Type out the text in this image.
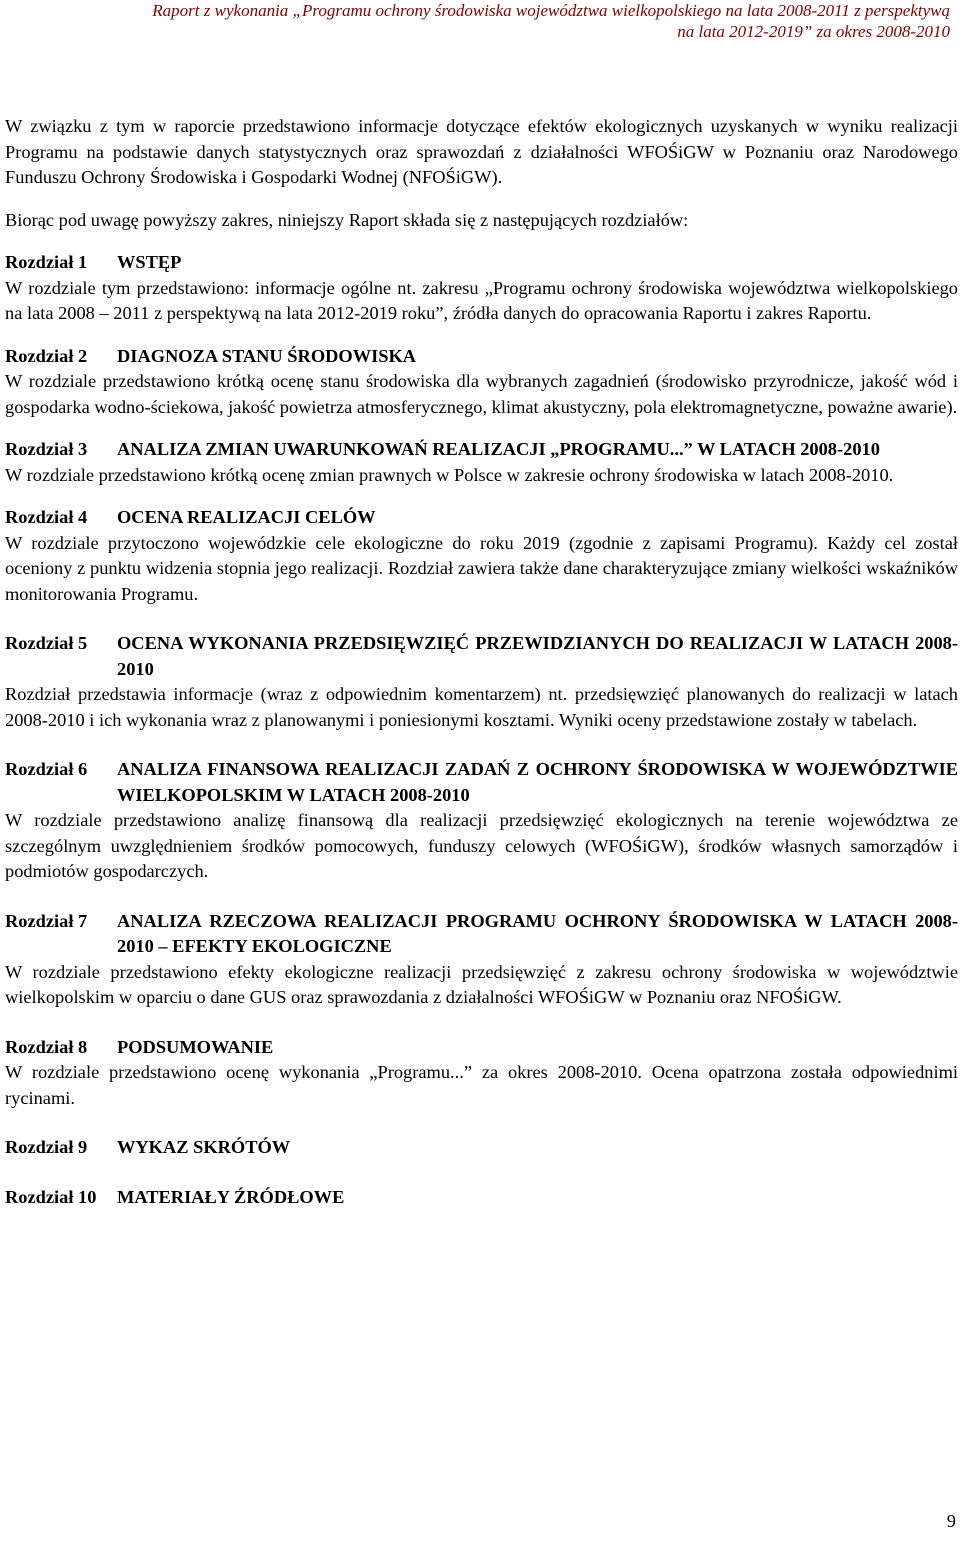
Raport z wykonania „Programu ochrony środowiska województwa wielkopolskiego na lata 2008-2011 z perspektywą
na lata 2012-2019” za okres 2008-2010

W związku z tym w raporcie przedstawiono informacje dotyczące efektów ekologicznych uzyskanych w wyniku realizacji Programu na podstawie danych statystycznych oraz sprawozdań z działalności WFOŚiGW w Poznaniu oraz Narodowego Funduszu Ochrony Środowiska i Gospodarki Wodnej (NFOŚiGW).

Biorąc pod uwagę powyższy zakres, niniejszy Raport składa się z następujących rozdziałów:

Rozdział 1	WSTĘP

W rozdziale tym przedstawiono: informacje ogólne nt. zakresu „Programu ochrony środowiska województwa wielkopolskiego na lata 2008 – 2011 z perspektywą na lata 2012-2019 roku”, źródła danych do opracowania Raportu i zakres Raportu.

Rozdział 2	DIAGNOZA STANU ŚRODOWISKA

W rozdziale przedstawiono krótką ocenę stanu środowiska dla wybranych zagadnień (środowisko przyrodnicze, jakość wód i gospodarka wodno-ściekowa, jakość powietrza atmosferycznego, klimat akustyczny, pola elektromagnetyczne, poważne awarie).

Rozdział 3	ANALIZA ZMIAN UWARUNKOWAŃ REALIZACJI „PROGRAMU...” W LATACH 2008-2010

W rozdziale przedstawiono krótką ocenę zmian prawnych w Polsce w zakresie ochrony środowiska w latach 2008-2010.

Rozdział 4	OCENA REALIZACJI CELÓW

W rozdziale przytoczono wojewódzkie cele ekologiczne do roku 2019 (zgodnie z zapisami Programu). Każdy cel został oceniony z punktu widzenia stopnia jego realizacji. Rozdział zawiera także dane charakteryzujące zmiany wielkości wskaźników monitorowania Programu.

Rozdział 5	OCENA WYKONANIA PRZEDSIĘWZIĘĆ PRZEWIDZIANYCH DO REALIZACJI W LATACH 2008-2010

Rozdział przedstawia informacje (wraz z odpowiednim komentarzem) nt. przedsięwzięć planowanych do realizacji w latach 2008-2010 i ich wykonania wraz z planowanymi i poniesionymi kosztami. Wyniki oceny przedstawione zostały w tabelach.

Rozdział 6	ANALIZA FINANSOWA REALIZACJI ZADAŃ Z OCHRONY ŚRODOWISKA W WOJEWÓDZTWIE WIELKOPOLSKIM W LATACH 2008-2010

W rozdziale przedstawiono analizę finansową dla realizacji przedsięwzięć ekologicznych na terenie województwa ze szczególnym uwzględnieniem środków pomocowych, funduszy celowych (WFOŚiGW), środków własnych samorządów i podmiotów gospodarczych.

Rozdział 7	ANALIZA RZECZOWA REALIZACJI PROGRAMU OCHRONY ŚRODOWISKA W LATACH 2008-2010 – EFEKTY EKOLOGICZNE

W rozdziale przedstawiono efekty ekologiczne realizacji przedsięwzięć z zakresu ochrony środowiska w województwie wielkopolskim w oparciu o dane GUS oraz sprawozdania z działalności WFOŚiGW w Poznaniu oraz NFOŚiGW.

Rozdział 8	PODSUMOWANIE

W rozdziale przedstawiono ocenę wykonania „Programu...” za okres 2008-2010. Ocena opatrzona została odpowiednimi rycinami.

Rozdział 9	WYKAZ SKRÓTÓW
Rozdział 10	MATERIAŁY ŹRÓDŁOWE
9
